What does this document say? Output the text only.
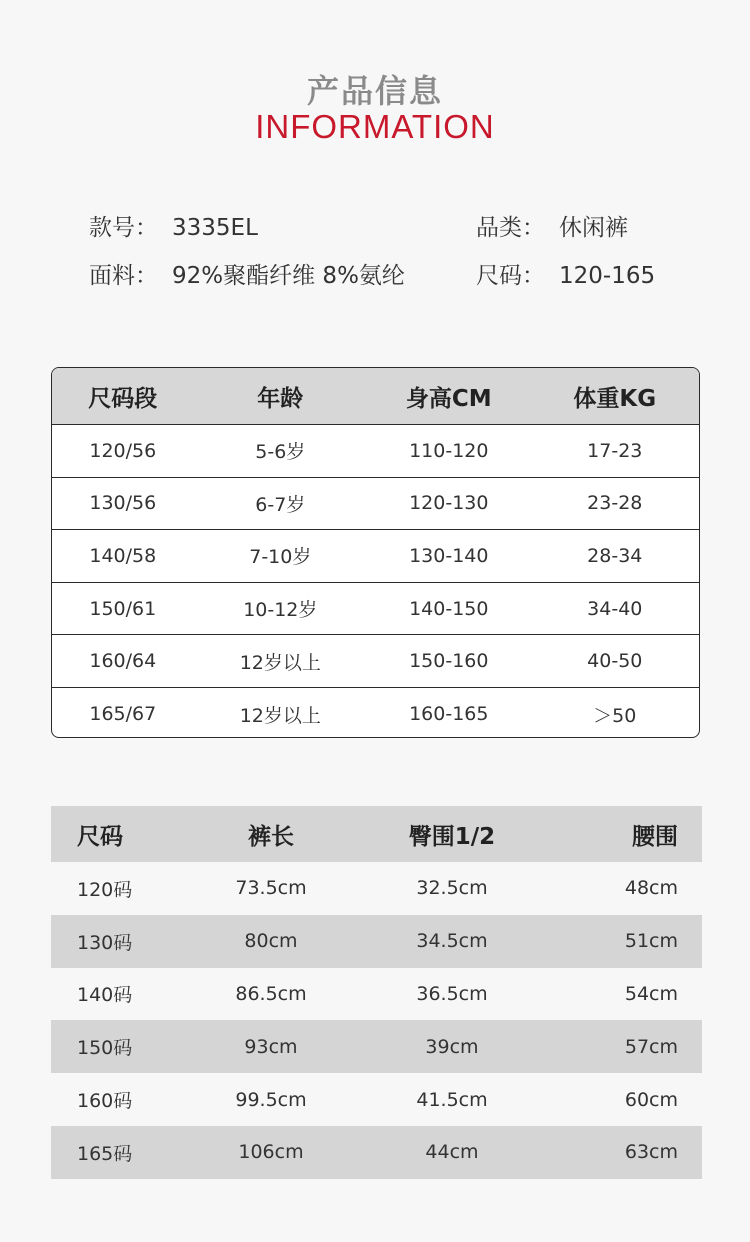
产品信息
INFORMATION
款号： 3335EL	品类： 休闲裤
面料： 92%聚酯纤维 8%氨纶	尺码： 120-165
尺码段	年龄	身高CM	体重KG
120/56	5-6岁	110-120	17-23
130/56	6-7岁	120-130	23-28
140/58	7-10岁	130-140	28-34
150/61	10-12岁	140-150	34-40
160/64	12岁以上	150-160	40-50
165/67	12岁以上	160-165	＞50
尺码	裤长	臀围1/2	腰围
120码	73.5cm	32.5cm	48cm
130码	80cm	34.5cm	51cm
140码	86.5cm	36.5cm	54cm
150码	93cm	39cm	57cm
160码	99.5cm	41.5cm	60cm
165码	106cm	44cm	63cm
